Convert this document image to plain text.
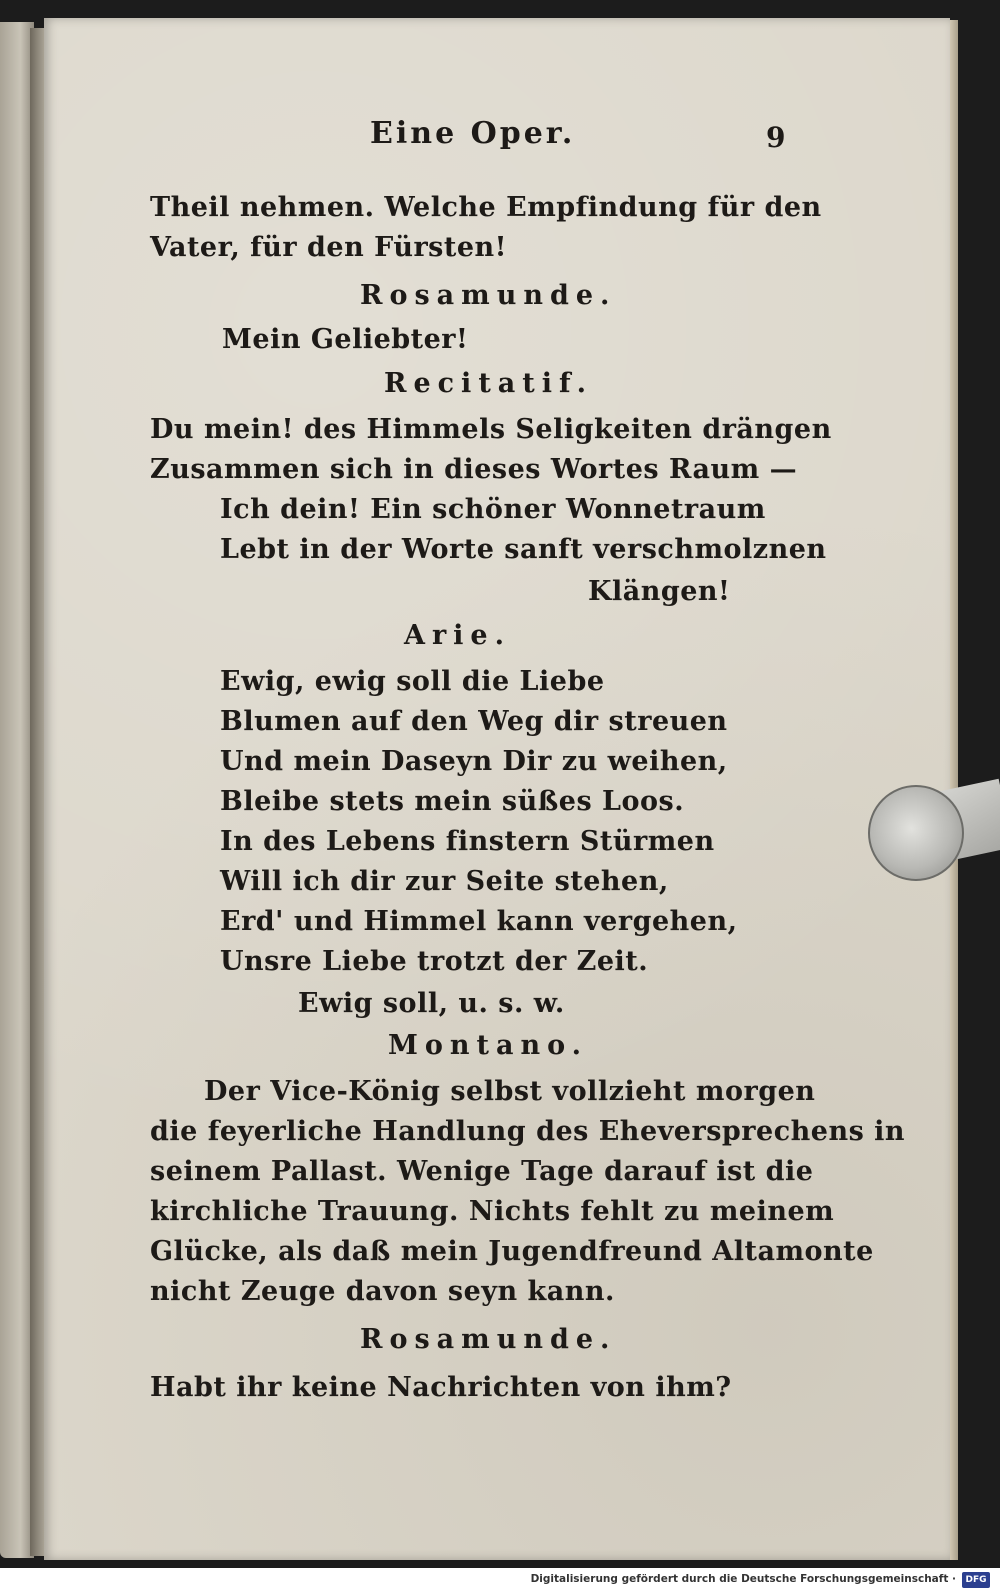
Eine Oper.	9
Theil nehmen. Welche Empfindung für den
Vater, für den Fürsten!
Rosamunde.
Mein Geliebter!
Recitatif.
Du mein! des Himmels Seligkeiten drängen
Zusammen sich in dieses Wortes Raum —
Ich dein! Ein schöner Wonnetraum
Lebt in der Worte sanft verschmolznen
Klängen!
Arie.
Ewig, ewig soll die Liebe
Blumen auf den Weg dir streuen
Und mein Daseyn Dir zu weihen,
Bleibe stets mein süßes Loos.
In des Lebens finstern Stürmen
Will ich dir zur Seite stehen,
Erd' und Himmel kann vergehen,
Unsre Liebe trotzt der Zeit.
Ewig soll, u. s. w.
Montano.
Der Vice-König selbst vollzieht morgen
die feyerliche Handlung des Eheversprechens in
seinem Pallast. Wenige Tage darauf ist die
kirchliche Trauung. Nichts fehlt zu meinem
Glücke, als daß mein Jugendfreund Altamonte
nicht Zeuge davon seyn kann.
Rosamunde.
Habt ihr keine Nachrichten von ihm?
Digitalisierung gefördert durch die Deutsche Forschungsgemeinschaft ·	DFG
